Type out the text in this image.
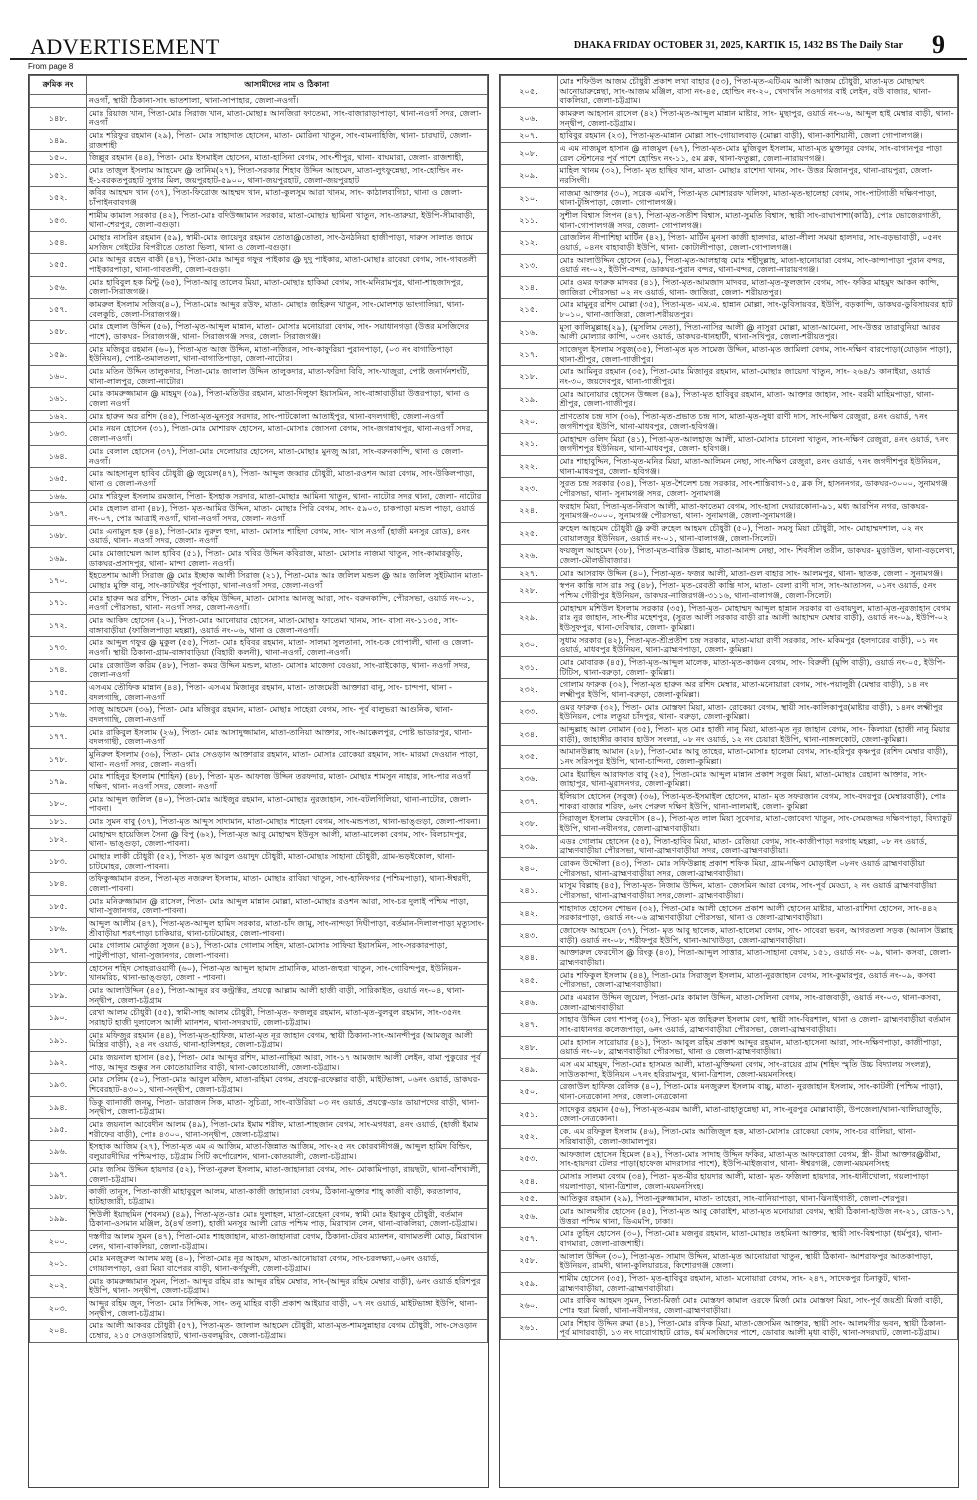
ADVERTISEMENT	DHAKA FRIDAY OCTOBER 31, 2025, KARTIK 15, 1432 BS The Daily Star 9
From page 8
ক্রমিক নং	আসামীদের নাম ও ঠিকানা
	নওগাঁ, স্থায়ী ঠিকানা-সাং ভাতশালা, থানা-সাপাহার, জেলা-নওগাঁ।
১৪৮.	মোঃ রিয়াজ খান, পিতা-মোঃ সিরাজ খান, মাতা-মোছাঃ আনজিরা ফাতেমা, সাং-বাজারাড়াপাড়া, থানা-নওগাঁ সদর, জেলা-নওগাঁ
১৪৯.	মোঃ শরিফুর রহমান (২৯), পিতা- মোঃ সাহাদাত হোসেন, মাতা- মোরিনা খাতুন, সাং-বামনাহিজি, থানা- চারঘাট, জেলা-রাজশাহী
১৫০.	জিল্লুর রহমান (৪৪), পিতা- মোঃ ইসমাইল হোসেন, মাতা-হাসিনা বেগম, সাং-শীপুর, থানা- বাঘমারা, জেলা- রাজশাহী,
১৫১.	মোঃ তাজুল ইসলাম আহমেদ @ তানিম(২৭), পিতা-সরকার শিহাব উদ্দিন আহমেদ, মাতা-লুৎফুন্নেছা, সাং-হোল্ডিং নং-ই-১বরকতপুরহাট সুগার মিল, জয়পুরহাট-৫৯০০, থানা-জয়পুরহাট, জেলা-জয়পুরহাট
১৫২.	কবির আহম্মদ খান (৩৭), পিতা-ফিরোজ আহম্মদ খান, মাতা-কুলসুম আরা খানম, সাং- কাঠালবাগিচা, থানা ও জেলা- চাঁপাইনবাবগঞ্জ
১৫৩.	শামীম কামাল সরকার (৪২), পিতা-মোঃ বদিউজ্জামান সরকার, মাতা-মোছাঃ ছামিনা খাতুন, সাং-তারুয়া, ইউপি-সীমাবাড়ী, থানা-শেরপুর, জেলা-বগুড়া।
১৫৪.	মোছাঃ নাসরিন রহমান (৫৯), স্বামী-মোঃ জায়েদুর রহমান তোতা@তোতা, সাং-ঠনঠনিয়া হাজীপাড়া, দারুস সালাত জামে মসজিদ গেইটের বিপরীতে তোতা ভিলা, থানা ও জেলা-বগুড়া।
১৫৫.	মোঃ আব্দুর রহেন বাকী (৪৭), পিতা-মোঃ আব্দুর গফুর পাইকার @ দুদু পাইকার, মাতা-মোছাঃ রাবেয়া বেগম, সাং-গাবতলী পাইকারপাড়া, থানা-গাবতলী, জেলা-বগুড়া।
১৫৬.	মোঃ হাবিবুল হক মিন্টু (৬৫), পিতা-আবু তালেব মিয়া, মাতা-মোছাঃ হাকিমা বেগম, সাং-মনিরামপুর, থানা-শাহজাদপুর, জেলা-সিরাজগঞ্জ।
১৫৭.	কামরুল ইসলাম সজিব(৪০), পিতা-মোঃ আব্দুর রউফ, মাতা- মোছাঃ জহিরুন খাতুন, সাং-মোলশড় ভাংগালিয়া, থানা-বেলকুচি, জেলা-সিরাজগঞ্জ।
১৫৮.	মোঃ হেলাল উদ্দিন (৫৬), পিতা-মৃত-আব্দুল মান্নান, মাতা- মোসাঃ মনোয়ারা বেগম, সাং- সয়াধানগড়া (উত্তর মসজিদের পাশে), ডাকঘর- সিরাজগঞ্জ, থানা- সিরাজগঞ্জ সদর, জেলা- সিরাজগঞ্জ।
১৫৯.	মোঃ মজিবুর রহমান (৬০), পিতা-মৃত আজ উদ্দিন, মাতা-নজিরন, সাং-কাফুরিয়া পুরানপাড়া, (০৩ নং বাগাতিপাড়া ইউনিয়ন), পোষ্ট-তমালতলা, থানা-বাগাতিপাড়া, জেলা-নাটোর।
১৬০.	মোঃ মতিন উদ্দিন তালুকদার, পিতা-মোঃ জালাল উদ্দিন তালুকদার, মাতা-ফরিদা বিবি, সাং-খাজুরা, পোষ্ট জনার্দনশংটি, থানা-লালপুর, জেলা-নাটোর।
১৬১.	মোঃ কামরুজ্জামান @ মাহমুদ (৩৯), পিতা-মতিউর রহমান, মাতা-দিলুফা ইয়াসমিন, সাং-বাঙ্গাবাড়ীয়া উত্তরপাড়া, থানা ও জেলা নওগাঁ
১৬২.	মোঃ হারুন অর রশিদ (৪৫), পিতা-মৃত-মুনসুর সরদার, সাং-পাটকোলা আতাইপুর, থানা-বদলগাছী, জেলা-নওগাঁ
১৬৩.	মোঃ নয়ন হোসেন (৩১), পিতা-মোঃ মোশারফ হোসেন, মাতা-মোসাঃ জোসনা বেগম, সাং-জগন্নাথপুর, থানা-নওগাঁ সদর, জেলা-নওগাঁ।
১৬৪.	মোঃ বেলাল হোসেন (৩৭), পিতা-মোঃ দেলোয়ার হোসেন, মাতা-মোছাঃ মুনজু আরা, সাং-বরুনকান্দি, থানা ও জেলা-নওগাঁ।
১৬৫.	মোঃ আহসানুল হাবিব চৌধুরী @ জুয়েল(৪৭), পিতা- আব্দুল জব্বার চৌধুরী, মাতা-রওশন আরা বেগম, সাং-উকিলপাড়া, থানা ও জেলা-নওগাঁ
১৬৬.	মোঃ শরিফুল ইসলাম রমজান, পিতা- ইসহাক সরদার, মাতা-মোছাঃ আমিনা খাতুন, থানা- নাটোর সদর থানা, জেলা- নাটোর
১৬৭.	মোঃ হেলাল রানা (৪৮), পিতা- মৃত-আমির উদ্দিন, মাতা- মোছাঃ পিরি বেগম, সাং- ৫৯০৩, চাকপাড়া মন্ডল পাড়া, ওয়ার্ড নং-০৭, পোঃ আত্রাই নওগাঁ, থানা-নওগাঁ সদর, জেলা- নওগাঁ
১৬৮.	মোঃ এনামুল হক (৪৪), পিতা-মোঃ নুরুল হুদা, মাতা- মোসাঃ শাহিদা বেগম, সাং- খাস নওগাঁ (হাজী মনসুর রোড), ৪নং ওয়ার্ড, থানা- নওগাঁ সদর, জেলা- নওগাঁ
১৬৯.	মোঃ মোজাম্মেল আল হাবিব (৫১), পিতা- মোঃ খবির উদ্দিন কবিরাজ, মাতা- মোসাঃ নাজমা খাতুন, সাং-কামারকুড়ি, ডাকঘর-প্রসাদপুর, থানা- মান্দা জেলা- নওগাঁ।
১৭০.	ইহতেশাম আলী সিরাজ @ মোঃ ইচ্ছাক আলী সিরাজ (২১), পিতা-মোঃ আঃ জলিল মন্ডল @ আঃ জলিল সুইটম্যান মাতা- মোছাঃ মুক্তি বানু, সাং-কাটখইর পূর্বপাড়া, থানা-নওগাঁ সদর, জেলা-নওগাঁ
১৭১.	মোঃ হারুন অর রশিদ, পিতা- মোঃ কছিম উদ্দিন, মাতা- মোসাঃ আনজু আরা, সাং- বরুনকান্দি, পৌরসভা, ওয়ার্ড নং-০১, নওগাঁ পৌরসভা, থানা- নওগাঁ সদর, জেলা-নওগাঁ।
১৭২.	মোঃ আকিদ হোসেন (২০), পিতা-মোঃ আনোয়ার হোসেন, মাতা-মোছাঃ ফাতেমা খানম, সাং- বাসা নং-১১৩৫, সাং-বাঙ্গাবাড়ীয়া (ফাজিলপাড়া মহল্লা), ওয়ার্ড নং-০৬, থানা ও জেলা-নওগাঁ।
১৭৩.	মোঃ আব্দুল গফুর @ মুকুল (৫৫), পিতা- মোঃ হবিবর রহমান, মাতা- সালমা সুলতানা, সাং-চক গোপালী, থানা ও জেলা- নওগাঁ। স্থায়ী ঠিকানা-গ্রাম-বাঙ্গাবাড়িয়া (বিহারী কলনী), থানা-নওগাঁ, জেলা-নওগাঁ।
১৭৪.	মোঃ রেজাউল করিম (৪৮), পিতা- কমর উদ্দিন মন্ডল, মাতা- মোসাঃ মাজেদা বেওয়া, সাং-রাইকোড়, থানা- নওগাঁ সদর, জেলা-নওগাঁ
১৭৫.	এসএম তৌফিক মান্নান (৪৪), পিতা- এসএম মিজানুর রহমান, মাতা- তাজমেরী আক্তারা বানু, সাং- চান্দপা, থানা - বদলগাছি, জেলা-নওগাঁ
১৭৬.	সাজু আহমেদ (৩৬), পিতা- মোঃ মজিবুর রহমান, মাতা- মোছাঃ সাহেরা বেগম, সাং- পূর্ব বালুভরা আগুনিক, থানা-বদলগাছি, জেলা-নওগাঁ
১৭৭.	মোঃ রাকিবুল ইসলাম (২৬), পিতা- মোঃ আসাদুজ্জামান, মাতা-তানিয়া আক্তার, সাং-আক্কেলপুর, পোষ্ট ভাডারপুর, থানা-বদলগাছী, জেলা-নওগাঁ
১৭৮.	মুনিরুল ইসলাম (৩৬), পিতা- মোঃ সেওড়ান আক্তারার রহমান, মাতা- মোসাঃ রোকেয়া রহমান, সাং- মারমা দেওয়ান পাড়া, থানা- নওগাঁ সদর, জেলা- নওগাঁ।
১৭৯.	মোঃ শাহিনুর ইসলাম (শাহিন) (৪৮), পিতা- মৃত- আফাজ উদ্দিন তরফদার, মাতা- মোছাঃ শামসুন নাহার, সাং-পার নওগাঁ দক্ষিণ, থানা- নওগাঁ সদর, জেলা- নওগাঁ
১৮০.	মোঃ আব্দুল জলিল (৪০), পিতা-মোঃ আইজুর রহমান, মাতা-মোছাঃ নুরজাহান, সাং-বটলগিলিয়া, থানা-নাটোর, জেলা- পাবনা।
১৮১.	মোঃ সুমন বাবু (৩৭), পিতা-মৃত আব্দুস সাদামান, মাতা-মোছাঃ শাহেনা বেগম, সাং-মন্ডপতা, থানা-ভাঙ্গুড়া, জেলা-পাবনা।
১৮২.	মোহাম্মদ হায়েজিল সৈনা @ বিপু (৬২), পিতা-মৃত আবু মোহাম্মদ ইউনুস আলী, মাতা-মালেকা বেগম, সাং- বিলচাদপুর, থানা- ভাঙ্গুড়া, জেলা-পাবনা।
১৮৩.	মোছাঃ লাকী চৌধুরী (৫২), পিতা- মৃত আবুল ওয়াদুদ চৌধুরী, মাতা-মোছাঃ সাহানা চৌধুরী, গ্রাম-ভড়ইকোল, থানা-চাটমোহর, জেলা-পাবনা।
১৮৪.	তফিকুজ্জামান রতন, পিতা-মৃত নজরুল ইসলাম, মাতা- মোছাঃ রাবিয়া খাতুন, সাং-হানিফগর (পশ্চিমপাড়া), থানা-ঈশ্বরদী, জেলা-পাবনা।
১৮৫.	মোঃ মনিরুজ্জামান @ রাসেল, পিতা- মোঃ আব্দুল মান্নান মোল্লা, মাতা-মোছাঃ রওশন আরা, সাং-চর দুলাই পশ্চিম পাড়া, থানা-সুজানগর, জেলা-পাবনা।
১৮৬.	আব্দুল আলীম (৪৭), পিতা-মৃত-আব্দুল হামিদ সরকার, মাতা-চাঁদ জামু, সাং-নান্দড়া দিঘীপাড়া, বর্তমান-দিলালপাড়া মৃত্যুসাং-শ্রীবাড়ীয়া শরৎপাড়া চাকিয়ার, থানা-চাটমোহর, জেলা-পাবনা।
১৮৭.	মোঃ গোলাম মোর্তুজা সুজন (৪১), পিতা-মোঃ গোলাম সহিদ, মাতা-মোসাঃ সাফিয়া ইয়াসমিন, সাং-সরকারপাড়া, পাটুলীপাড়া, থানা-সুজানগর, জেলা-পাবনা।
১৮৮.	হোসেন শহিদ সোহরাওয়ার্দী (৬০), পিতা-মৃত আব্দুল ছামাদ প্রামানিক, মাতা-জহুরা খাতুন, সাং-গোবিন্দপুর, ইউনিয়ন-খানমরিচ, থানা-ভাঙ্গুড়া, জেলা - পাবনা।
১৮৯.	মোঃ আলাউদ্দিন (৪৫), পিতা-আব্দুর রব কন্ট্রাক্টর, প্রযত্নে আল্লাম আলী হাজী বাড়ী, সারিকাইত, ওয়ার্ড নং-০৪, থানা-সন্দ্বীপ, জেলা-চট্টগ্রাম
১৯০.	রেখা আলম চৌধুরী (৫৫), স্বামী-সাহ আলম চৌধুরী, পিতা-মৃত- ফজলুর রহমান, মাতা-মৃত-বুলবুল রহমান, সাং-৩৫নং সরাহাট হাজী দুলালেস আলী ম্যানশন, থানা-সদরঘাট, জেলা-চট্টগ্রাম।
১৯১.	মোঃ মফিজুর রহমান (৪৪), পিতা-মৃত-হাফিজ, মাতা-মৃত নূর জাহান বেগম, স্থায়ী ঠিকানা-সাং-আনন্দীপুর (আমজুর আলী মিস্ত্রির বাড়ী), ২৪ নং ওয়ার্ড, থানা-হালিশহর, জেলা-চট্টগ্রাম।
১৯২.	মোঃ জয়নাল হাসান (৪৫), পিতা- মোঃ আব্দুর রশিদ, মাতা-নাছিমা আরা, সাং-১৭ আমজাদ আলী লেইন, বামা পুকুরের পূর্ব পাড়, আব্দুর শুক্কুর সন কোতোয়ালির বাড়ী, থানা-কোতোয়ালী, জেলা-চট্টগ্রাম।
১৯৩.	মোঃ সেলিম (৫০), পিতা-মোঃ আবুল মজিদ, মাতা-রহিমা বেগম, প্রযত্নে-রফেল্লার বাড়ী, মাইটভাঙ্গা, ০৬নং ওয়ার্ড, ডাকঘর-শিবেরহাট-৪৩০১, থানা-সন্দ্বীপ, জেলা-চট্টগ্রাম।
১৯৪.	ডিকু ব্যানার্জী জনমু, পিতা- ডারাজন সিক, মাতা- সুচিত্রা, সাং-বাউরিয়া ০৩ নং ওয়ার্ড, প্রযত্নে-ডাঃ ডায়াপদের বাড়ী, থানা-সন্দ্বীপ, জেলা-চট্টগ্রাম।
১৯৫.	মোঃ জয়নাল আবেদীন আলম (৪৯), পিতা-মোঃ ইমাম শরীফ, মাতা-শাহজান বেগম, সাং-মগধরা, ৪নং ওয়ার্ড, (হাজী ইমাম শরীফের বাড়ী), পোঃ ৪৩০০, থানা-সন্দ্বীপ, জেলা-চট্টগ্রাম।
১৯৬.	ইসহাক আজিম (২৭), পিতা-মৃত এম এ আজিম, মাতা-জিন্নাত আজিম, সাং-২৫ নং কোরবানীগঞ্জ, আব্দুল হামিদ বিল্ডিং, বলুয়ারদীঘির পশ্চিমপাড়, চট্টগ্রাম সিটি কর্পোরেশন, থানা-কোতয়ালী, জেলা-চট্টগ্রাম।
১৯৭.	মোঃ জসিম উদ্দিন হায়দার (৫২), পিতা-নুরুল ইসলাম, মাতা-জাহানারা বেগম, সাং- মোকামিপাড়া, রায়ছটা, থানা-বাঁশখালী, জেলা-চট্টগ্রাম।
১৯৮.	কাজী তানুস, পিতা-কাজী মাহাবুবুল আলম, মাতা-কাজী জাহানারা বেগম, ঠিকানা-মুক্তার শাহ্‌ কাজী বাড়ী, করতালাব, হাটহাজারী, চট্টগ্রাম।
১৯৯.	শিউলী ইয়াছমিন (শবনম) (৪৯), পিতা-মৃত-ডাঃ মোঃ দুলাহল, মাতা-রেহেনা বেগম, স্বামী মোঃ ইয়াকুব চৌধুরী, বর্তমান ঠিকানা-ওসমান মঞ্জিল, ঠ(৪র্থ তলা), হাজী মনসুর আলী রোড পশ্চিম পাড়, মিরাখান লেন, থানা-বাকলিয়া, জেলা-চট্টগ্রাম।
২০০.	দস্তগীর আলম সুমন (৪৭), পিতা-মোঃ শাহজাহান, মাতা-জাহানারা বেগম, ঠিকানা-টেরব ম্যানশন, বাদামতলী মোড়, মিরাখান লেন, থানা-বাকলিয়া, জেলা-চট্টগ্রাম।
২০১.	মোঃ মনজুরুল আলম মজু (৪০), পিতা-মোঃ নূর আহমদ, মাতা-আনোয়ারা বেগম, সাং-চরলক্ষ্যা,০৬নং ওয়ার্ড, গোয়ালপাড়া, ওরা মিয়া বাপেরর বাড়ী, থানা-কর্ণফুলী, জেলা-চট্টগ্রাম।
২০২.	মোঃ কামরুজ্জামান সুমন, পিতা- আব্দুর রহিম রাঃ আব্দুর রহিম মেম্বার, সাং-(আব্দুর রহিম মেম্বার বাড়ী), ৬নং ওয়ার্ড হরিশপুর ইউপি, থানা- সন্দ্বীপ, জেলা-চট্টগ্রাম।
২০৩.	আব্দুর রহিম জুন, পিতা- মোঃ সিদ্দিক, সাং- তনু মাহির বাড়ী প্রকাশ আইয়ার বাড়ী, ০৭ নং ওয়ার্ড, মাইটভাঙ্গা ইউপি, থানা- সন্দ্বীপ, জেলা-চট্টগ্রাম।
২০৪.	মোঃ আলী আকবর চৌধুরী (৫৭), পিতা-মৃত- জালাল আহমেদ চৌধুরী, মাতা-মৃত-শামসুন্নাহার বেগম চৌধুরী, সাং-সেওড়ান চেম্বার, ২১৫ সেওড়াসরিহাট, থানা-ডবলমুরিং, জেলা-চট্টগ্রাম।
২০৫.	মোঃ শফিউল আজম চৌধুরী প্রকাশ লখা বাহার (৫৩), পিতা-মৃত-এটিএম আলী আজম চৌধুরী, মাতা-মৃত মোছাম্মৎ আনোয়ারুন্নেছা, সাং-আজম মঞ্জিল, বাসা নং-৪৫, হোল্ডিং নং-২০, খেদাখাঁন সওদাগর বাই লেইন, বউ বাজার, থানা-বাকলিয়া, জেলা-চট্টগ্রাম।
২০৬.	কামরুল আহসান রাসেল (৪২) পিতা-মৃত-আব্দুল মান্নান মাষ্টার, সাং- মুছাপুর, ওয়ার্ড নং-০৬, আব্দুল হাই মেম্বার বাড়ী, থানা-সন্দ্বীপ, জেলা-চট্টগ্রাম।
২০৭.	হাবিবুর রহমান (২৩), পিতা-মৃত-মান্নান মোল্লা সাং-গোয়ালবাড় (মোল্লা বাড়ী), থানা-কাশিয়ানী, জেলা গোপালগঞ্জ।
২০৮.	এ এম নাজমুল হাসান @ নাজমুল (৬৭), পিতা-মৃত-মোঃ মুজিবুল ইসলাম, মাতা-মৃত মুক্তানুর বেগম, সাং-বাগানপুর পাড়া রেল স্টেশনের পূর্ব পাশে হোল্ডিং নং-১১, ৫ম ব্লক, থানা-ফতুল্লা, জেলা-নারায়ণগঞ্জ।
২০৯.	মাহিল খানম (৩২), পিতা- মৃত হাছিব খান, মাতা- মোছাঃ রাশেদা খানম, সাং- উত্তর মিজানপুর, থানা-রায়পুরা, জেলা-নরসিংদী।
২১০.	নাজমা আক্তার (৩০), সরেক এমপি, পিতা-মৃত মোশাররফ খলিফা, মাতা-মৃত-ছালেহা বেগম, সাং-পাটগাতী দক্ষিণপাড়া, থানা-টুঙ্গিপাড়া, জেলা- গোপালগঞ্জ।
২১১.	সুশীল বিশ্বাস লিপন (৪৭), পিতা-মৃত-সতীশ বিশ্বাস, মাতা-সুমতি বিশ্বাস, স্থায়ী সাং-রাঘাপাশা(কাঠি), পোঃ ভোজেরগাতী, থানা-গোপালগঞ্জ সদর, জেলা- গোপালগঞ্জ।
২১২.	রোজলিন নীপাশিহা মার্টিন (৪২), পিতা- মার্টিন মুনসা কাজী হালদার, মাতা-লীলা সমঝা হালদার, সাং-বড়ভাবাড়ী, ০৫নং ওয়ার্ড, ০৪নং বাহাবাড়ী ইউপি, থানা- কোটালীপাড়া, জেলা-গোপালগঞ্জ।
২১৩.	মোঃ আলাউদ্দিন হোসেন (৩৯), পিতা-মৃত-আলহাজ্ব মোঃ শহীদুল্লাহ, মাতা-ছানোয়ারা বেগম, সাং-কান্দাপাড়া পুরান বন্দর, ওয়ার্ড নং-০২, ইউপি-বন্দর, ডাকঘর-পুরান বন্দর, থানা-বন্দর, জেলা-নারায়ণগঞ্জ।
২১৪.	মোঃ ওমর ফারুক মাদবর (৪১), পিতা-মৃত-আমজাদ মাদবর, মাতা-মৃত-ফুলজান বেগম, সাং- ফকির মাহমুদ আকন কান্দি, জাজিরা পৌরসভা ০২ নং ওয়ার্ড, থানা- জাজিরা, জেলা- শরীয়তপুর।
২১৫.	মোঃ মামুনুর রশিদ মোল্লা (৩৫), পিতা-মৃত- এম.এ. হান্নান মোল্লা, সাং-ডুবিসায়বর, ইউপি, বড়কান্দি, ডাকঘর-ডুবিসায়বর হাট ৮০১০, থানা-জাজিরা, জেলা-শরীয়তপুর।
২১৬.	মুসা কালিমুল্লাহ(২৯), (মুসলিম নেতা), পিতা-নাসির আলী @ নাসুরা মোল্লা, মাতা-আমেনা, সাং-উত্তর তারাবুনিয়া আরব আলী মোল্যার কান্দি, ০৩নং ওয়ার্ড, ডাকঘর-ধানহাটী, থানা-সখিপুর, জেলা-শরীয়তপুর।
২১৭.	সাজেদুল ইসলাম সবুজ(৩৫), পিতা-মৃত মৃত সামেজ উদ্দিন, মাতা-মৃত জামিলা বেগম, সাং-দক্ষিণ বারপোড়া(যোড়ান পাড়া), থানা-শ্রীপুর, জেলা-গাজীপুর।
২১৮.	মোঃ আমিনুর রহমান (৩৫), পিতা-মোঃ মিজানুর রহমান, মাতা-মোছাঃ জায়েদা খাতুন, সাং- ২৬৪/১ কানাইয়া, ওয়ার্ড নং-৩০, জয়দেবপুর, থানা-গাজীপুর।
২১৯.	মোঃ আনোয়ার হোসেন উজ্জল (৪৯), পিতা-মৃত হাবিবুর রহমান, মাতা- আক্তার জাহান, সাং- বরমী মাহিমপাড়া, থানা-শ্রীপুর, জেলা-গাজীপুর।
২২০.	প্রাণতোষ চন্দ্র দাস (৩৬), পিতা-মৃত-প্রভাত চন্দ্র দাস, মাতা-মৃত-সুধা রাণী দাস, সাং-দক্ষিণ রেজুরা, ৪নং ওয়ার্ড, ৭নং জগদীশপুর ইউপি, থানা-মাধবপুর, জেলা-হবিগঞ্জ।
২২১.	মোহাম্মদ ওলিদ মিয়া (৪১), পিতা-মৃত-আলহাজ আলী, মাতা-মোসাঃ চানেলা খাতুন, সাং-দক্ষিণ রেজুরা, ৪নং ওয়ার্ড, ৭নং জগদীশপুর ইউনিয়ন, থানা-মাধবপুর, জেলা- হবিগঞ্জ।
২২২.	মোঃ শাহাবুদ্দিন, পিতা-মৃত-মনির মিয়া, মাতা-আলিমন নেছা, সাং-দক্ষিণ রেজুরা, ৪নং ওয়ার্ড, ৭নং জগদীশপুর ইউনিয়ন, থানা-মাধবপুর, জেলা- হবিগঞ্জ।
২২৩.	সুরত চন্দ্র সরকার (৩৪), পিতা- মৃত-শৈলেশ চন্দ্র সরকার, সাং-শান্তিবাগ-১৫, ব্লক সি, হাসননগর, ডাকঘর-৩০০০, সুনামগঞ্জ পৌরসভা, থানা- সুনামগঞ্জ সদর, জেলা- সুনামগঞ্জ
২২৪.	ফরহাদ মিয়া, পিতা-মৃত-নিবাস আলী, মাতা-ফাতেমা বেগম, সাং-হাসা দেয়ারকোনা-৯১, মধ্য আরপিন নগর, ডাকঘর-সুনামগঞ্জ-৩০০০, সুনামগঞ্জ পৌরসভা, থানা- সুনামগঞ্জ, জেলা-সুনামগঞ্জ।
২২৫.	রুহেল আহমেদ চৌধুরী @ রুবী রুহেল আহমদ চৌধুরী (৫০), পিতা- সমসু মিয়া চৌধুরী, সাং- মোহাম্মদশাল, ০২ নং বোয়ালজুর ইউনিয়ন, ওয়ার্ড নং-০১, থানা-বালাগঞ্জ, জেলা-সিলেট।
২২৬.	ফয়জুল আহমেদ (৩৮), পিতা-মৃত-বারিক উল্লাহ, মাতা-আনন্দ নেছা, সাং- শিবসীল তরীন, ডাকঘর- মুড়াউল, থানা-বড়লেখা, জেলা-মৌলভীবাজার।
২২৭.	মোঃ আসরাফ উদ্দিন (৪০), পিতা-মৃত- ফজর আলী, মাতা-গুল বাহার সাং- আলমপুর, থানা- ছাতক, জেলা - সুনামগঞ্জ।
২২৮.	স্বপন কান্তি দাস রাঃ সবু (৪৮), পিতা- মৃত-রেবতী কান্তি দাস, মাতা- বেলা রাণী দাস, সাং-আতাসন, ০১নং ওয়ার্ড, ৫নং পশ্চিম গৌরীপুর ইউনিয়ন, ডাকঘর-নাজিরগঞ্জ-৩১১৬, থানা-বালাগঞ্জ, জেলা-সিলেট।
২২৯.	মোহাম্মদ মশিউল ইসলাম সরকার (৩৫), পিতা-মৃত- মোহাম্মদ আব্দুল হান্নান সরকার বা ওবায়দুল, মাতা-মৃত-নুরজাহান বেগম রাঃ নুর জাহান, সাং-শীর মহেশপুর, (সুরত আলী সরকার বাড়ী রাঃ আলী আহাম্মদ মেম্বার বাড়ী), ওয়ার্ড নং-০৯, ইউপি-০২ ইউসুফপুর, থানা-দেবিদ্বার, জেলা- কুমিল্লা।
২৩০.	সুধাম সরকার (৪২), পিতা-মৃত-শ্রীপ্রতীশ চন্দ্র সরকার, মাতা-মায়া রাণী সরকার, সাং- মকিমপুর (হলদারের বাড়ী), ০১ নং ওয়ার্ড, মাধবপুর ইউনিয়ন, থানা-ব্রাহ্মণপাড়া, জেলা- কুমিল্লা।
২৩১.	মোঃ মোবারক (৪৫), পিতা-মৃত-আব্দুল মালেক, মাতা-মৃত-কাঞ্চন বেগম, সাং- বিরুলী (মুন্সি বাড়ী), ওয়ার্ড নং-০৫, ইউপি-টিটিস, থানা-বরুড়া, জেলা- কুমিল্লা।
২৩২.	গোলাম ফারুক (৩২), পিতা-মৃত হারুন অর রশিদ মেম্বার, মাতা-মনোয়ারা বেগম, সাং-পয়ালুরী (মেম্বার বাড়ী), ১৪ নং লক্ষ্মীপুর ইউপি, থানা-বরুড়া, জেলা-কুমিল্লা।
২৩৩.	ওমর ফারুক (৩২), পিতা- মোঃ মোস্তফা মিয়া, মাতা- রোকেয়া বেগম, স্থায়ী সাং-কালিকাপুর(মাষ্টার বাড়ী), ১৪নং লক্ষ্মীপুর ইউনিয়ন, পোঃ লতুয়া চাঁদপুর, থানা- বরুড়া, জেলা-কুমিল্লা।
২৩৪.	আব্দুল্লাহ আল নোমান (৩৫), পিতা- মৃত মোঃ হাজী নানু মিয়া, মাতা-মৃত নূর জাহান বেগম, সাং- কিলায়া (হাজী নানু মিয়ার বাড়ী), জাহাঙ্গীর কাবাব হাউস সংলগ্ন, ০৮ নং ওয়ার্ড, ১২ নং চেয়ারা ইউপি, থানা-নাঙ্গলকোট, জেলা-কুমিল্লা।
২৩৫.	আমানউল্লাহ আমান (২৮), পিতা-মোঃ আবু তাহের, মাতা-মোসাঃ হালেমা বেগম, সাং-হরিপুর কৃষ্ণপুর (রশিদ মেম্বার বাড়ী), ১নং সরিসপুর ইউপি, থানা-চান্দিনা, জেলা-কুমিল্লা।
২৩৬.	মোঃ ইয়াছিন আরাফাত বাবু (২৫), পিতা-মোঃ আব্দুল মান্নান প্রকাশ সবুজ মিয়া, মাতা-মোছাঃ রেহানা আক্তার, সাং-জাহাপুর, থানা-মুরাদনগর, জেলা-কুমিল্লা।
২৩৭.	ইলিয়াস হোসেন (সবুজ) (৩৬), পিতা-মৃত-ইসমাইল হোসেন, মাতা- মৃত সফরজান বেগম, সাং-বদরপুর (মেম্বারবাড়ী), পোঃ শাকরা বাজার শরিফ, ৬নং পেরুল দক্ষিণ ইউপি, থানা-লালমাই, জেলা- কুমিল্লা
২৩৮.	সিরাজুল ইসলাম ফেরদৌস (৪০), পিতা-মৃত লাল মিয়া সুবেদার, মাতা-জোবেদা খাতুন, সাং-সেমজদ্দর দক্ষিণপাড়া, বিদ্যাকুট ইউপি, থানা-নবীনগর, জেলা-ব্রাহ্মণবাড়ীয়া।
২৩৯.	এডঃ গোলাম হোসেন (৫৫), পিতা-হাবিব মিয়া, মাতা- রেজিয়া বেগম, সাং-কাজীপাড়া দরগাহ মহল্লা, ০৮ নং ওয়ার্ড, ব্রাহ্মণবাড়ীয়া পৌরসভা, থানা-ব্রাহ্মণবাড়ীয়া সদর, জেলা-ব্রাহ্মণবাড়ীয়া।
২৪০.	রোকন উদ্দৌলা (৪৩), পিতা- মোঃ সফিউল্লাহ প্রকাশ শফিক মিয়া, গ্রাম-দক্ষিণ মোড়াইল ০৮নং ওয়ার্ড ব্রাহ্মণবাড়ীয়া পৌরসভা, থানা-ব্রাহ্মণবাড়ীয়া সদর, জেলা-ব্রাহ্মণবাড়ীয়া।
২৪১.	মাসুম বিল্লাহ (৪৫), পিতা-মৃত- নিজাম উদ্দিন, মাতা- জেসমিন আরা বেগম, সাং-পূর্ব মেড্ডা, ২ নং ওয়ার্ড ব্রাহ্মণবাড়ীয়া পৌরসভা, থানা-ব্রাহ্মণবাড়ীয়া সদর,জেলা- ব্রাহ্মণবাড়ীয়া।
২৪২.	শাহাদাত হোসেন শোভন (৩২), পিতা-মোঃ আলী হোসেন প্রকাশ আলী হোসেন মাষ্টার, মাতা-রাশিদা হোসেন, সাং-৪৪২ সরকারপাড়া, ওয়ার্ড নং-০৬ ব্রাহ্মণবাড়ীয়া পৌরসভা, থানা ও জেলা-ব্রাহ্মণবাড়ীয়া।
২৪৩.	জোসেফ আহমেদ (৩৭), পিতা- মৃত আবু ছালেক, মাতা-হালেমা বেগম, সাং- সাবেরা ভবন, আগরতলা সড়ক (আনাস উল্লাহ বাড়ী) ওয়ার্ড নং-০৮, শরীফপুর ইউপি, থানা-আখাউড়া, জেলা-ব্রাহ্মণবাড়ীয়া।
২৪৪.	আক্তারুল ফেরদৌস @ রিংকু (৪৩), পিতা-আব্দুল সাত্তার, মাতা-সাহানা বেগম, ১৫১, ওয়ার্ড নং- ০৯, থানা- কসবা, জেলা-ব্রাহ্মণবাড়ীয়া।
২৪৫.	মোঃ শফিকুল ইসলাম (৪৪), পিতা-মোঃ সিরাজুল ইসলাম, মাতা-নুরজাহান বেগম, সাং-কুমারপুর, ওয়ার্ড নং-০৯, কসবা পৌরসভা, জেলা-ব্রাহ্মণবাড়ীয়া।
২৪৬.	মোঃ এমরান উদ্দিন জুয়েল, পিতা-মোঃ কামাল উদ্দিন, মাতা-সেলিনা বেগম, সাং-রাজবাড়ী, ওয়ার্ড নং-০৩, থানা-কসবা, জেলা-ব্রাহ্মণবাড়ীয়া
২৪৭.	সাহাব উদ্দিন বেগ শাপলু (৩২), পিতা- মৃত জহিরুল ইসলাম বেগ, স্থায়ী সাং-বিরশাল, থানা ও জেলা- ব্রাহ্মণবাড়ীয়া বর্তমান সাং-রাধানগর কলেজপাড়া, ৬নং ওয়ার্ড, ব্রাহ্মণবাড়ীয়া পৌরসভা, জেলা-ব্রাহ্মণবাড়ীয়া।
২৪৮.	মোঃ হাসান সারোয়ার (৪১), পিতা- আবুল রহিম প্রকাশ আব্দুর রহমান, মাতা-হাসেনা আরা, সাং-দক্ষিণপাড়া, কাজীপাড়া, ওয়ার্ড নং-০৮, ব্রাহ্মণবাড়ীয়া পৌরসভা, থানা ও জেলা-ব্রাহ্মণবাড়ীয়া।
২৪৯.	এস এম মাহমুদ, পিতা-মোঃ হাসমত আলী, মাতা-মুক্তিমনা বেগম, সাং-রায়ের গ্রাম (শহিদ স্মৃতি উচ্চ বিদ্যালয় সংলগ্ন), সাউতকান্দা, ইউনিয়ন ০৭নং হরিরামপুর, থানা-ত্রিশাল, জেলা-ময়মনসিংহ।
২৫০.	রেজাউল হাফিজ রেলিক (৪০), পিতা-মোঃ মনজুরুল ইসলাম বাচ্চু, মাতা- নুরজাহান ইসলাম, সাং-কাটলী (পশ্চিম পাড়া), থানা-নেত্রকোনা সদর, জেলা-নেত্রকোনা
২৫১.	সাদেকুর রহমান (৫৬), পিতা-মৃত-মরম আলী, মাতা-রাহাতুন্নেছা মা, সাং-নুরপুর মোল্লাবাড়ী, উপজেলা/থানা-খালিয়াজুড়ি, জেলা-নেত্রকোনা।
২৫২.	কে. এম রফিকুল ইসলাম (৪৬), পিতা-মোঃ আজিজুল হক, মাতা-মোসাঃ রোকেয়া বেগম, সাং-চর বালিয়া, থানা- সরিষাবাড়ী, জেলা-জামালপুর।
২৫৩.	আফজাল হোসেন হিমেল (৪২), পিতা-মোঃ সাদাহ উদ্দিন ফকির, মাতা-মৃত আফরোজা বেগম, স্ত্রী- রীমা আক্তার@রীমা, সাং-হায়দরা টেলর পাড়া(হাফেজ মাদরাসার পাশে), ইউপি-মাইজবাগ, থানা- ঈশ্বরগঞ্জ, জেলা-ময়মনসিংহ
২৫৪.	মোসাঃ সালমা বেগম (৩৪), পিতা- মৃত-মীর হায়দার আলী, মাতা- মৃত- ফজিলা হায়দার, সাং-ধানীখোলা, গয়লাপাড়া গয়লাপাড়া, থানা-ত্রিশাল, জেলা-ময়মনসিংহ।
২৫৫.	আতিকুর রহমান (২৯), পিতা-নুরুজ্জামান, মাতা- তাহেরা, সাং-বানিয়াপাড়া, থানা-ঝিনাইগাতী, জেলা-শেরপুর।
২৫৬.	মোঃ আলমগীর হোসেন (৪৫), পিতা-মৃত আবু কোরাইশ, মাতা-মৃত মনোয়ারা বেগম, স্থায়ী ঠিকানা-হাউজ নং-২১, রোড-১৭, উত্তরা পশ্চিম থানা, ডিএমপি, ঢাকা।
২৫৭.	মোঃ তুহিন হোসেন (৩০), পিতা-মোঃ মজনুর রহমান, মাতা-মোছাঃ তহমিনা আক্তার, স্থায়ী সাং-বিশ্বপাড়া (ধর্মপুর), থানা-বাগমারা, জেলা-রাজশাহী।
২৫৮.	আলাল উদ্দিন (৩০), পিতা-মৃত- সামাদ উদ্দিন, মাতা-মৃত আনোয়ারা খাতুন, স্থায়ী ঠিকানা- আশরাফপুর আতকাপাড়া, ইউনিয়ন, রামদী, থানা-কুলিয়ারচর, কিশোরগঞ্জ জেলা।
২৫৯.	শামীম হোসেন (৩৫), পিতা- মৃত-হাবিবুর রহমান, মাতা- মনোয়ারা বেগম, সাং- ২৪৭, সাদেকপুর চিনাকুট, থানা- ব্রাহ্মণবাড়ীয়া, জেলা-ব্রাহ্মণবাড়ীয়া।
২৬০.	মোঃ রাকিব আহমদ সুমন, পিতা-মির্জা মোঃ মোস্তফা কামাল ওরফে মির্জা মোঃ মোস্তফা মিয়া, সাং-পূর্ব জয়শ্রী মির্জা বাড়ী, পোঃ হুরা মির্জা, থানা-নবীনগর, জেলা-ব্রাহ্মণবাড়ীয়া।
২৬১.	মোঃ শিহাব উদ্দিন রুমা (৪১), পিতা-মোঃ রফিক মিয়া, মাতা-জেসমিন আক্তার, স্থায়ী সাং- আলমগীর ভবন, স্থায়ী ঠিকানা-পূর্ব মাদারবাড়ী, ১৩ নং দারোগাহাট রোড, ধর্ম মসজিদের পাশে, ডোবার আলী মৃধা বাড়ী, থানা-সদরঘাট, জেলা-চট্টগ্রাম।
